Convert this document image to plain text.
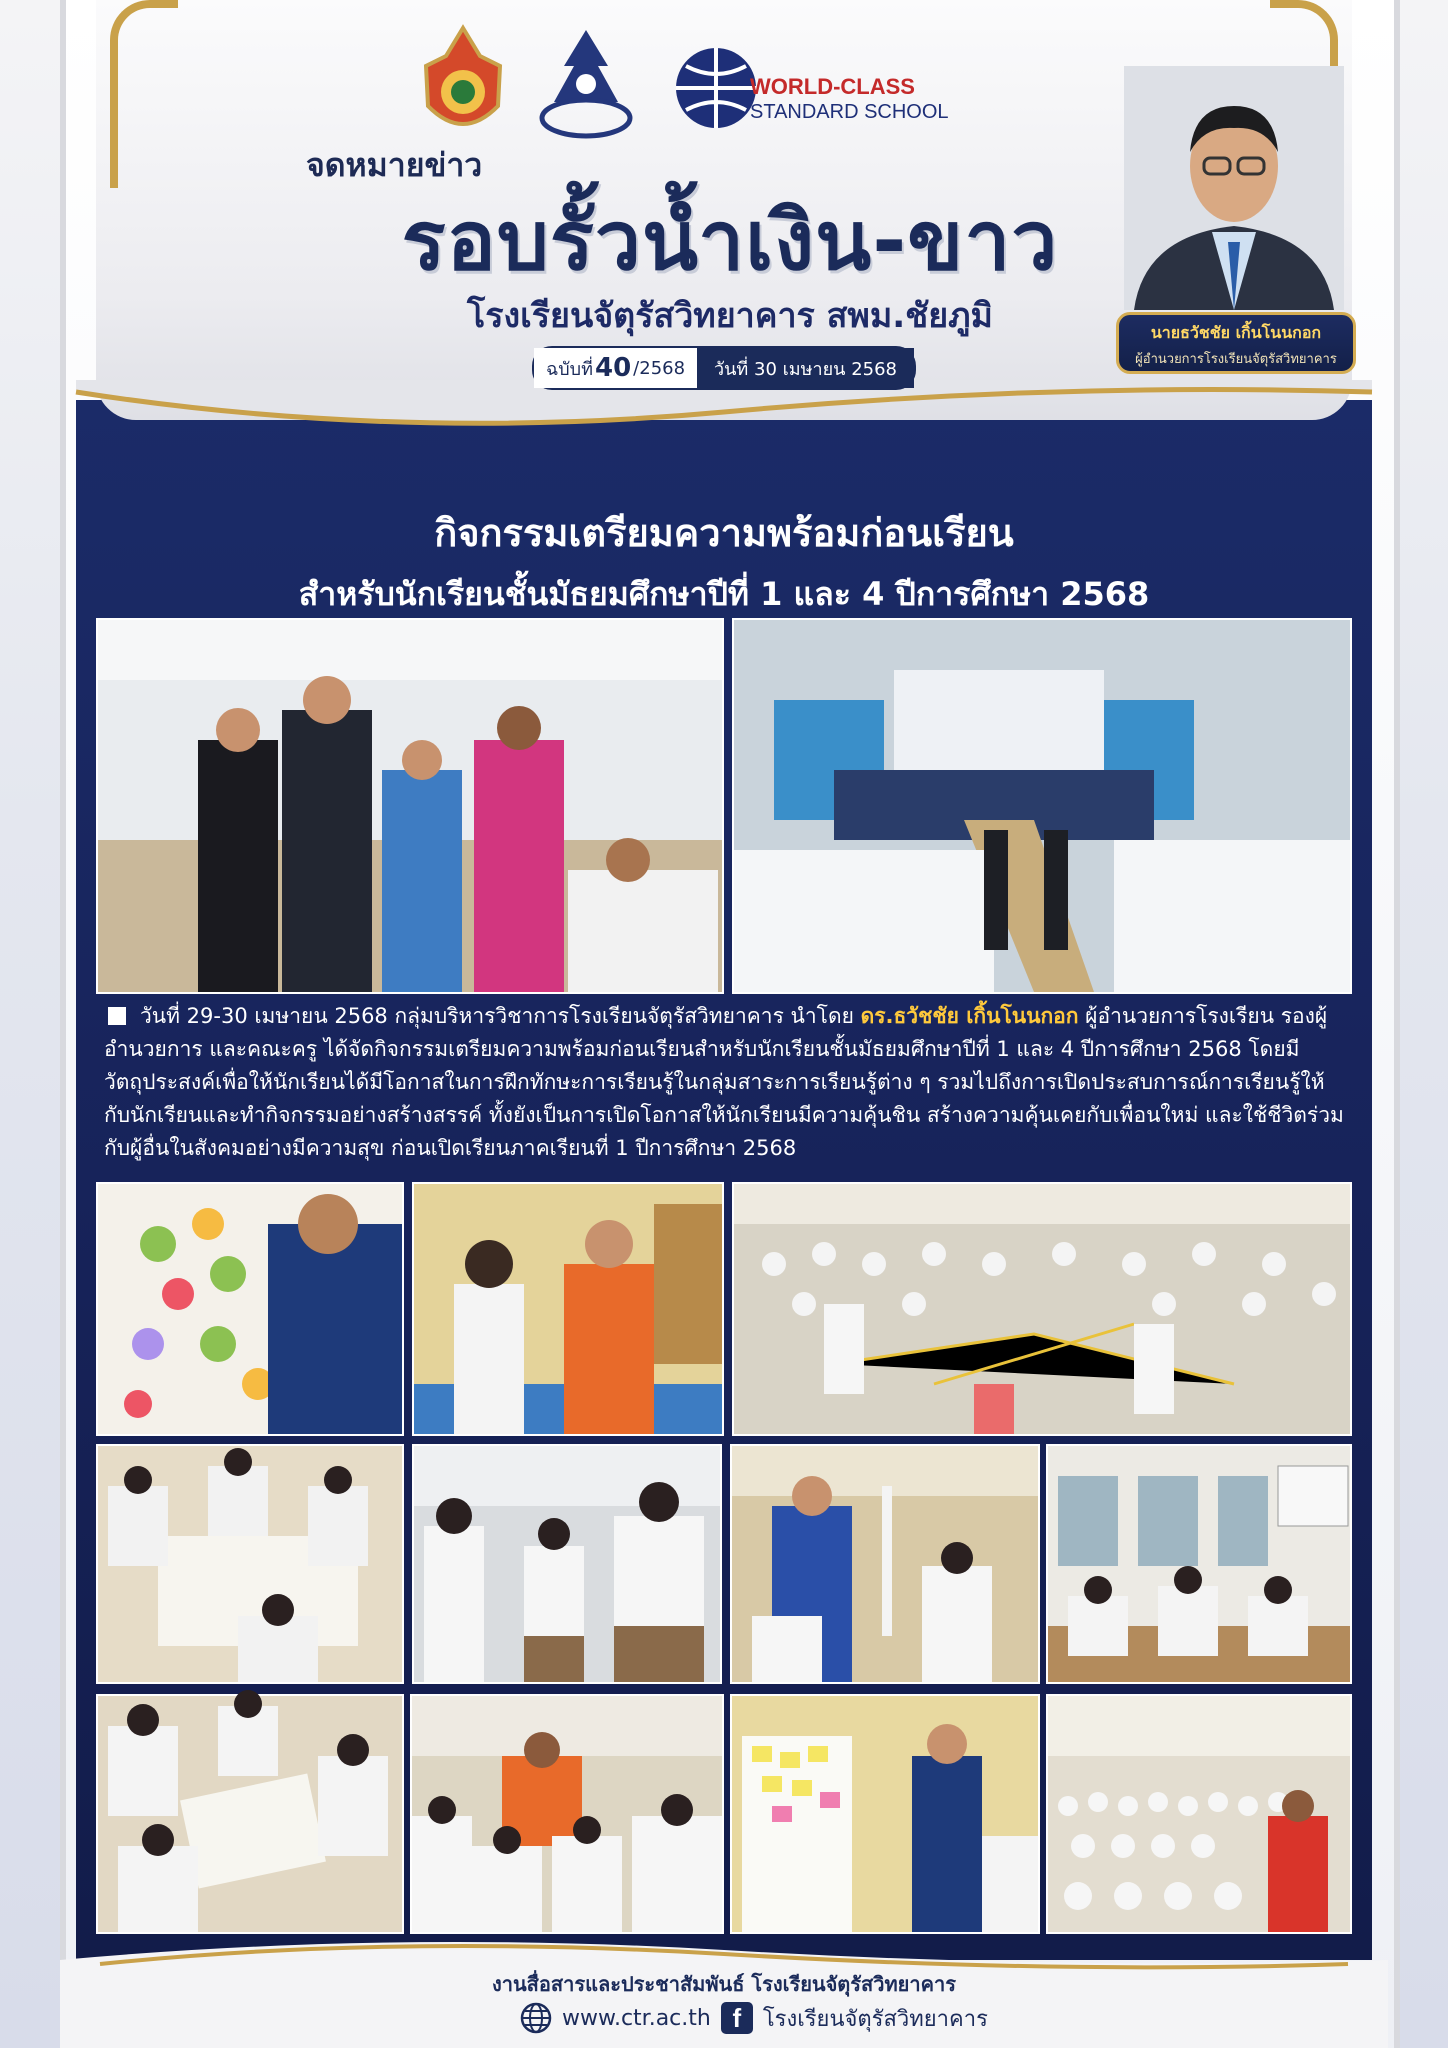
WORLD-CLASS
STANDARD SCHOOL
จดหมายข่าว
รอบรั้วน้ำเงิน-ขาว
โรงเรียนจัตุรัสวิทยาคาร สพม.ชัยภูมิ
ฉบับที่ 40 /2568	วันที่ 30 เมษายน 2568
นายธวัชชัย เกิ้นโนนกอก
ผู้อำนวยการโรงเรียนจัตุรัสวิทยาคาร
กิจกรรมเตรียมความพร้อมก่อนเรียน
สำหรับนักเรียนชั้นมัธยมศึกษาปีที่ 1 และ 4 ปีการศึกษา 2568
วันที่ 29-30 เมษายน 2568 กลุ่มบริหารวิชาการโรงเรียนจัตุรัสวิทยาคาร นำโดย ดร.ธวัชชัย เกิ้นโนนกอก ผู้อำนวยการโรงเรียน รองผู้อำนวยการ และคณะครู ได้จัดกิจกรรมเตรียมความพร้อมก่อนเรียนสำหรับนักเรียนชั้นมัธยมศึกษาปีที่ 1 และ 4 ปีการศึกษา 2568 โดยมีวัตถุประสงค์เพื่อให้นักเรียนได้มีโอกาสในการฝึกทักษะการเรียนรู้ในกลุ่มสาระการเรียนรู้ต่าง ๆ รวมไปถึงการเปิดประสบการณ์การเรียนรู้ให้กับนักเรียนและทำกิจกรรมอย่างสร้างสรรค์ ทั้งยังเป็นการเปิดโอกาสให้นักเรียนมีความคุ้นชิน สร้างความคุ้นเคยกับเพื่อนใหม่ และใช้ชีวิตร่วมกับผู้อื่นในสังคมอย่างมีความสุข ก่อนเปิดเรียนภาคเรียนที่ 1 ปีการศึกษา 2568
งานสื่อสารและประชาสัมพันธ์ โรงเรียนจัตุรัสวิทยาคาร
www.ctr.ac.th f โรงเรียนจัตุรัสวิทยาคาร
